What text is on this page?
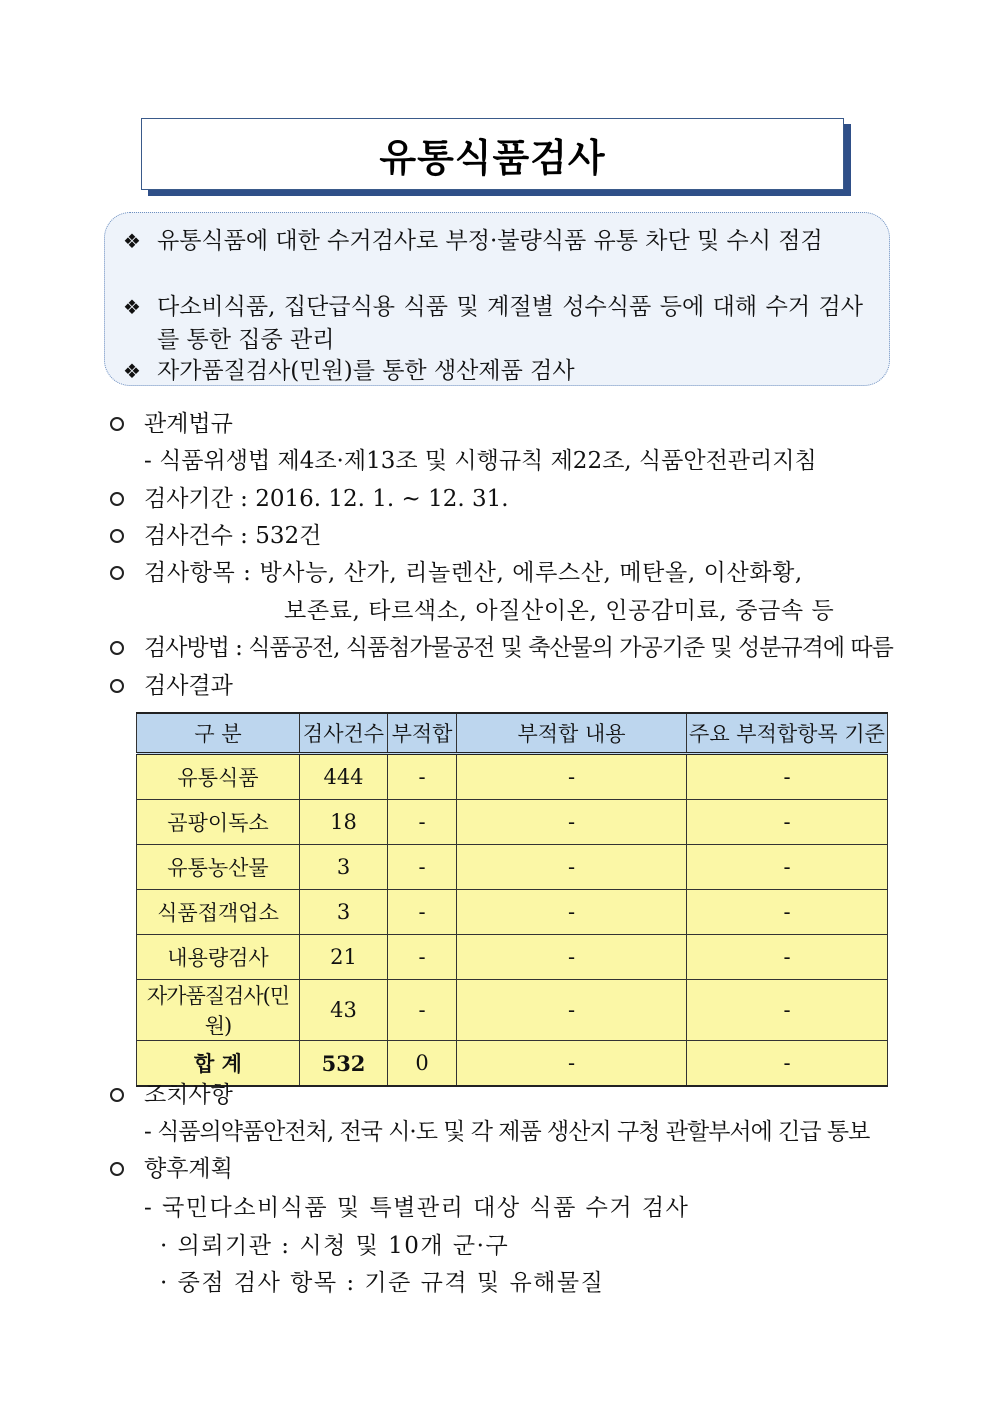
유통식품검사
❖ 유통식품에 대한 수거검사로 부정·불량식품 유통 차단 및 수시 점검
❖ 다소비식품, 집단급식용 식품 및 계절별 성수식품 등에 대해 수거 검사를 통한 집중 관리
❖ 자가품질검사(민원)를 통한 생산제품 검사
관계법규
- 식품위생법 제4조·제13조 및 시행규칙 제22조, 식품안전관리지침
검사기간 : 2016. 12. 1. ~ 12. 31.
검사건수 : 532건
검사항목 : 방사능, 산가, 리놀렌산, 에루스산, 메탄올, 이산화황,
보존료, 타르색소, 아질산이온, 인공감미료, 중금속 등
검사방법 : 식품공전, 식품첨가물공전 및 축산물의 가공기준 및 성분규격에 따름
검사결과
구 분	검사건수	부적합	부적합 내용	주요 부적합항목 기준
유통식품	444	-	-	-
곰팡이독소	18	-	-	-
유통농산물	3	-	-	-
식품접객업소	3	-	-	-
내용량검사	21	-	-	-
자가품질검사(민원)	43	-	-	-
합 계	532	0	-	-
조치사항
- 식품의약품안전처, 전국 시·도 및 각 제품 생산지 구청 관할부서에 긴급 통보
향후계획
- 국민다소비식품 및 특별관리 대상 식품 수거 검사
· 의뢰기관 : 시청 및 10개 군·구
· 중점 검사 항목 : 기준 규격 및 유해물질
